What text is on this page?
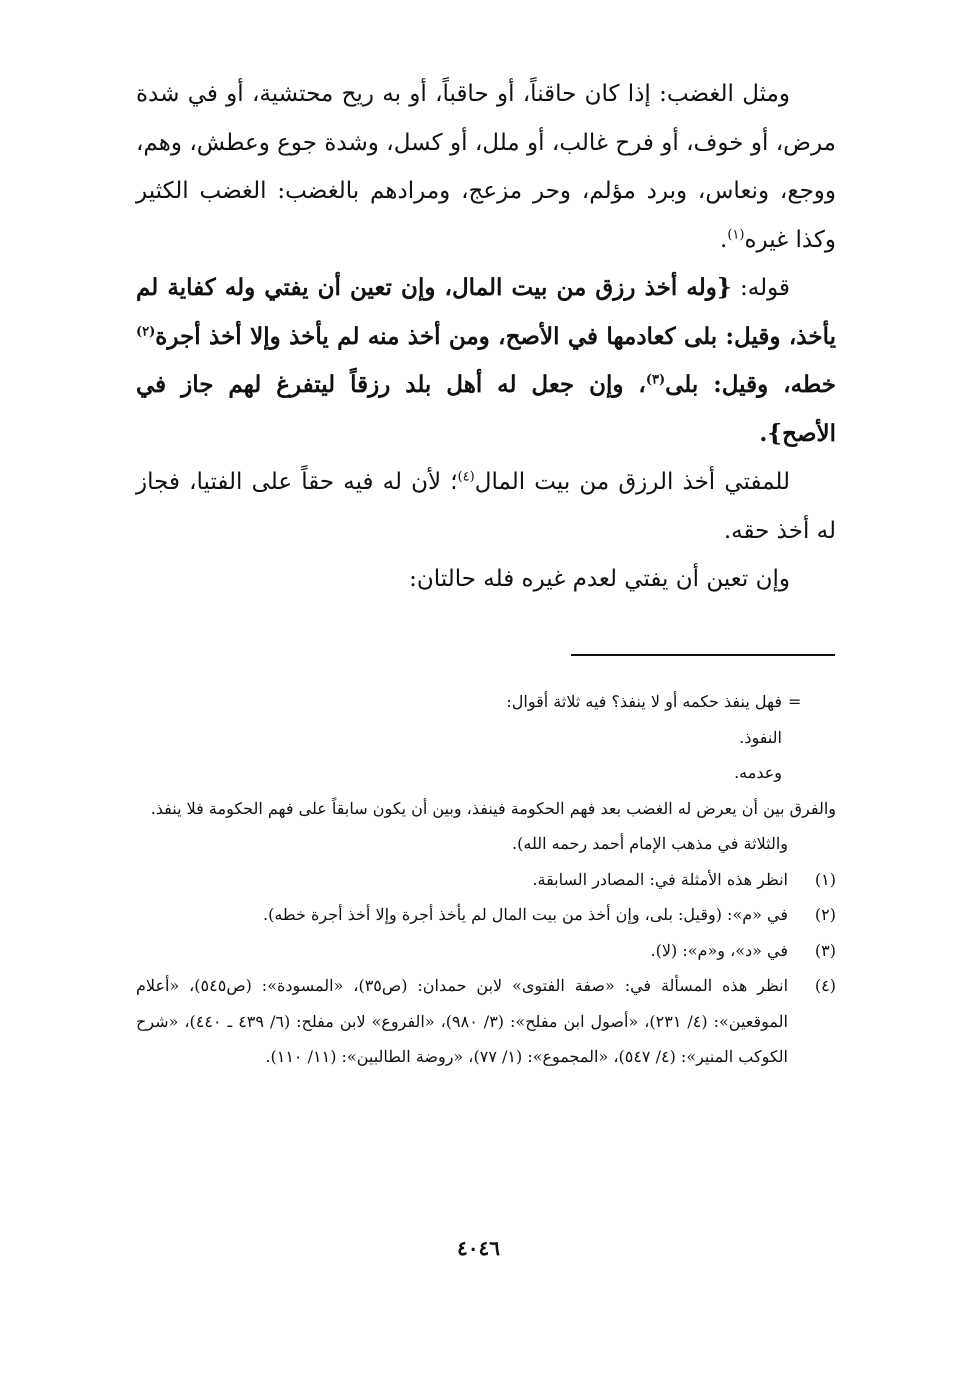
ومثل الغضب: إذا كان حاقناً، أو حاقباً، أو به ريح محتشية، أو في شدة مرض، أو خوف، أو فرح غالب، أو ملل، أو كسل، وشدة جوع وعطش، وهم، ووجع، ونعاس، وبرد مؤلم، وحر مزعج، ومرادهم بالغضب: الغضب الكثير وكذا غيره$^{(١)}$.

قوله: {وله أخذ رزق من بيت المال، وإن تعين أن يفتي وله كفاية لم يأخذ، وقيل: بلى كعادمها في الأصح، ومن أخذ منه لم يأخذ وإلا أخذ أجرة$^{(٢)}$ خطه، وقيل: بلى$^{(٣)}$، وإن جعل له أهل بلد رزقاً ليتفرغ لهم جاز في الأصح}.

للمفتي أخذ الرزق من بيت المال$^{(٤)}$؛ لأن له فيه حقاً على الفتيا، فجاز له أخذ حقه.

وإن تعين أن يفتي لعدم غيره فله حالتان:

=

فهل ينفذ حكمه أو لا ينفذ؟ فيه ثلاثة أقوال:

النفوذ.

وعدمه.

والفرق بين أن يعرض له الغضب بعد فهم الحكومة فينفذ، وبين أن يكون سابقاً على فهم الحكومة فلا ينفذ.

والثلاثة في مذهب الإمام أحمد رحمه الله).

(١)
انظر هذه الأمثلة في: المصادر السابقة.
(٢)
في «م»: (وقيل: بلى، وإن أخذ من بيت المال لم يأخذ أجرة وإلا أخذ أجرة خطه).
(٣)
في «د»، و«م»: (لا).
(٤)
انظر هذه المسألة في: «صفة الفتوى» لابن حمدان: (ص٣٥)، «المسودة»: (ص٥٤٥)، «أعلام الموقعين»: (٤/ ٢٣١)، «أصول ابن مفلح»: (٣/ ٩٨٠)، «الفروع» لابن مفلح: (٦/ ٤٣٩ ـ ٤٤٠)، «شرح الكوكب المنير»: (٤/ ٥٤٧)، «المجموع»: (١/ ٧٧)، «روضة الطالبين»: (١١/ ١١٠).
٤٠٤٦
